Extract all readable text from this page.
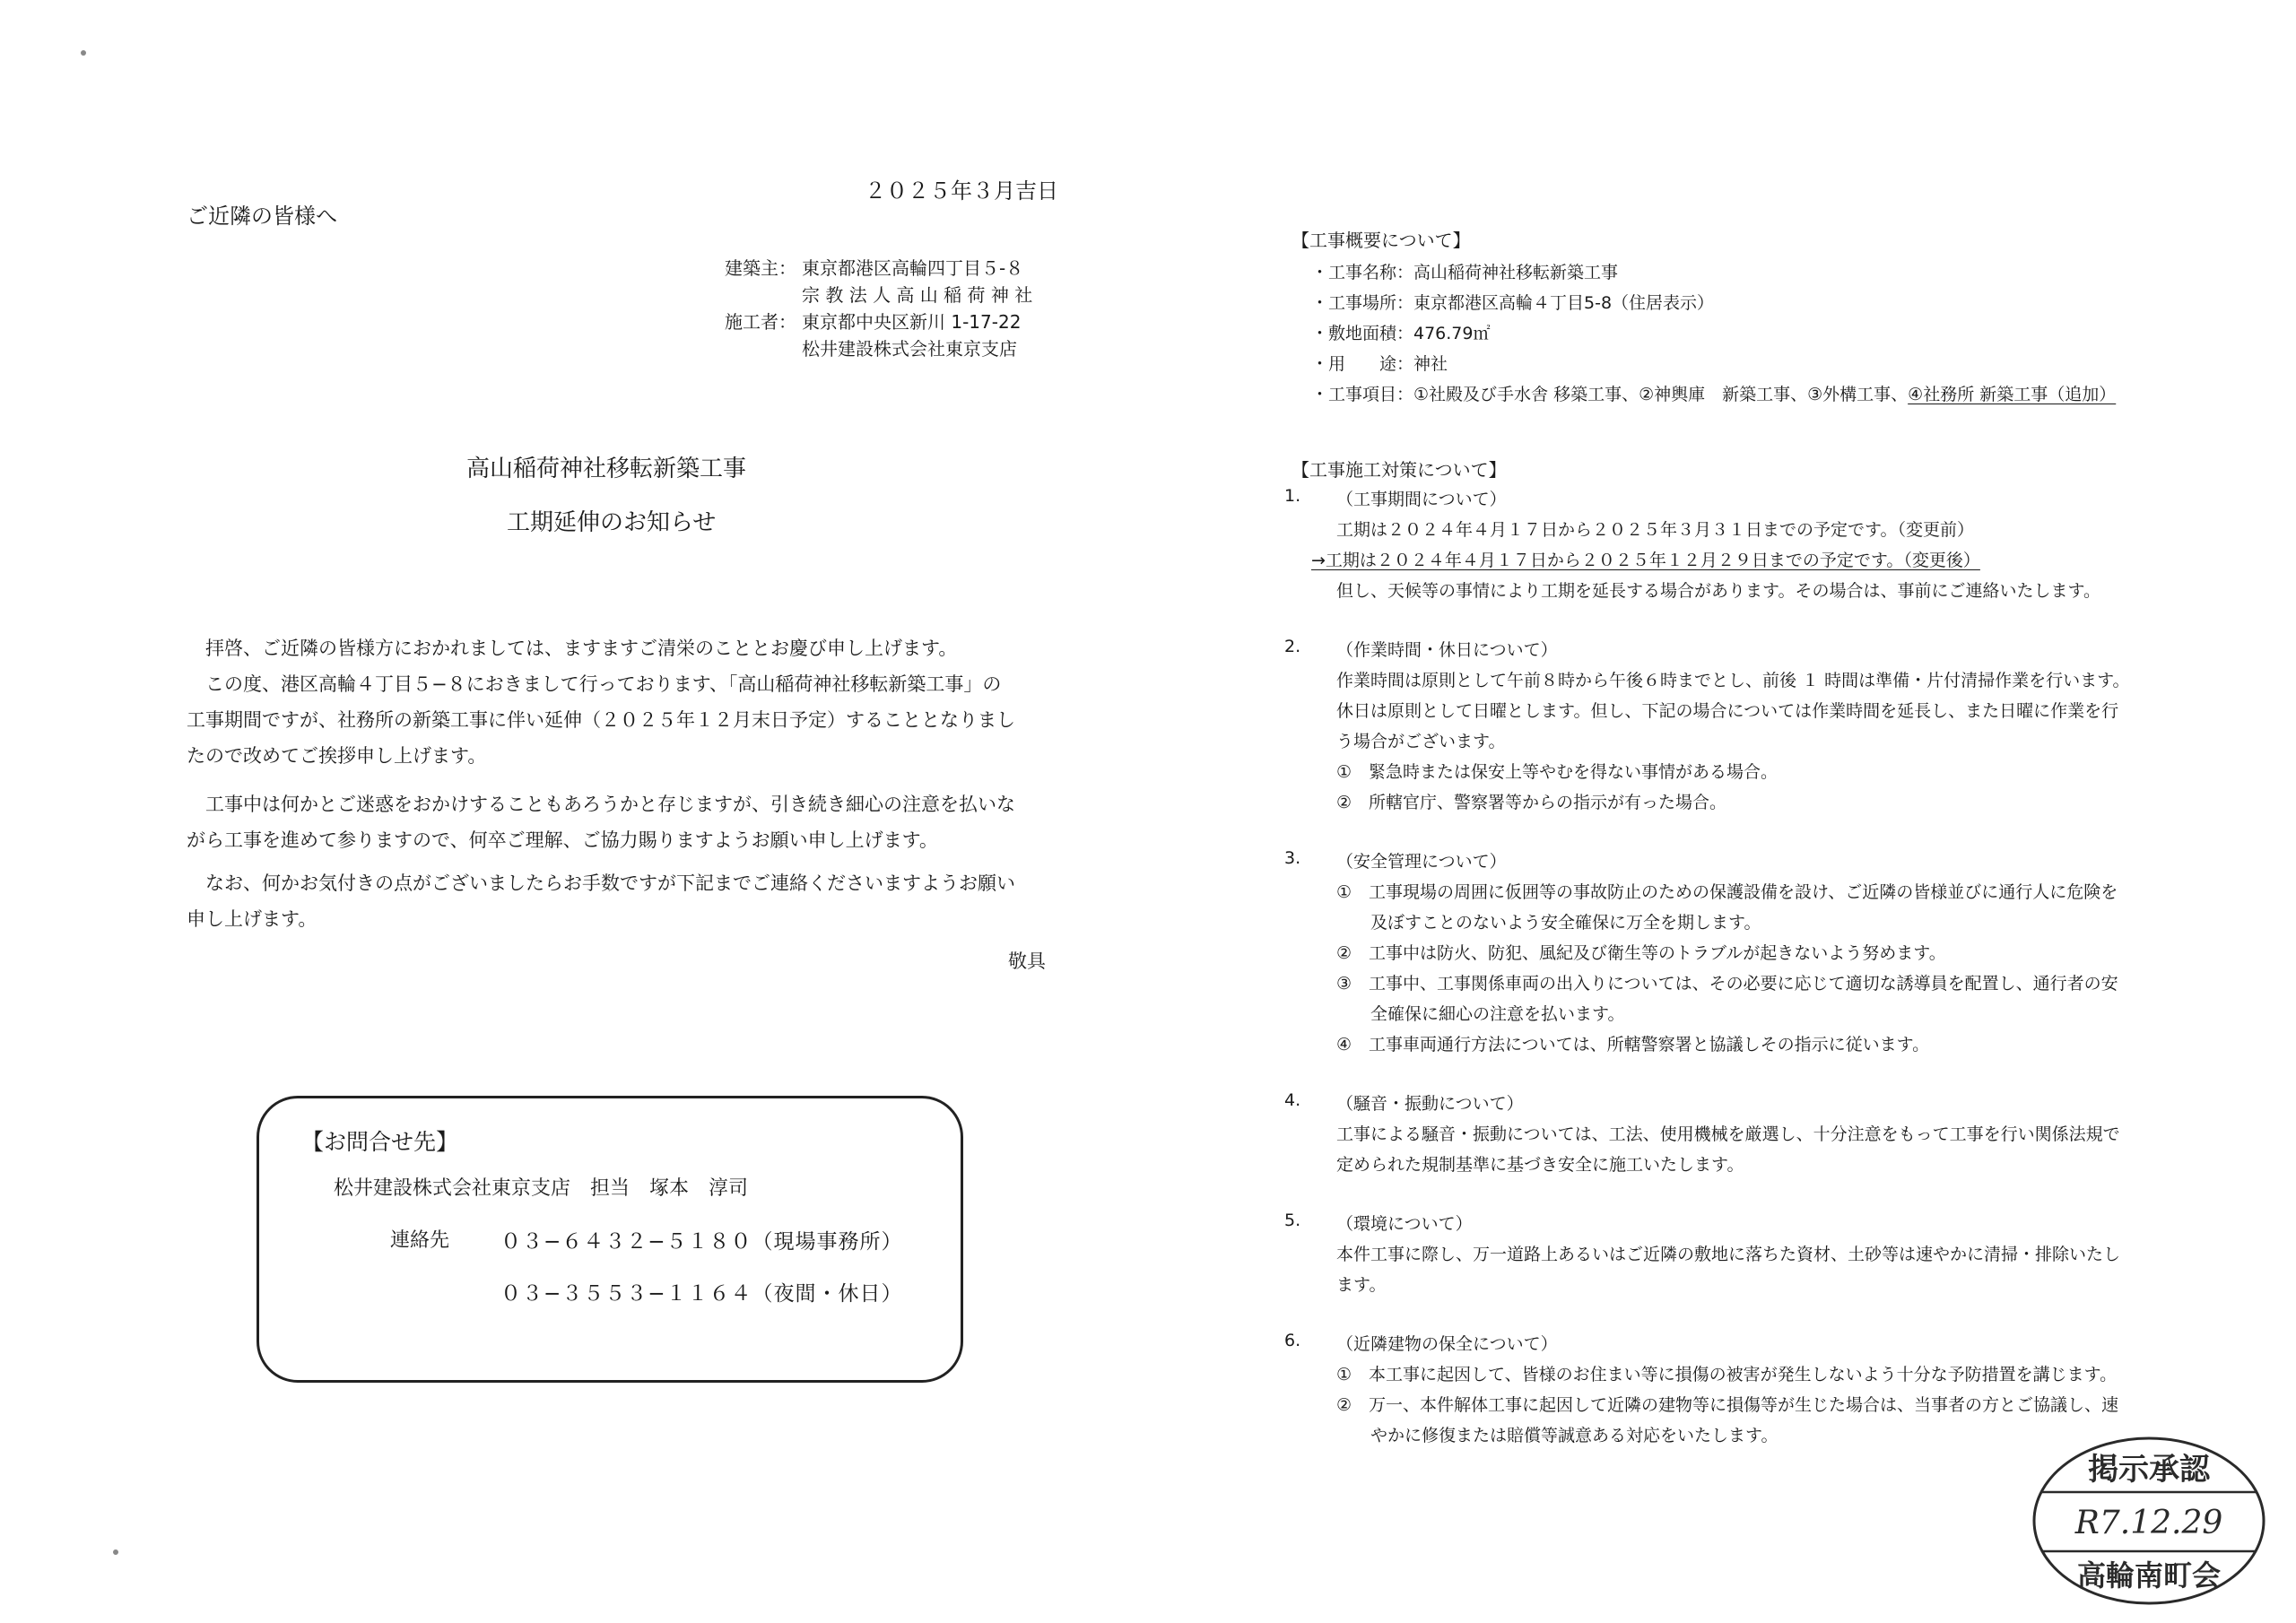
２０２５年３月吉日
ご近隣の皆様へ
建築主： 東京都港区高輪四丁目５-８
宗 教 法 人 高 山 稲 荷 神 社
施工者： 東京都中央区新川 1-17-22
松井建設株式会社東京支店
高山稲荷神社移転新築工事
工期延伸のお知らせ
　拝啓、ご近隣の皆様方におかれましては、ますますご清栄のこととお慶び申し上げます。
　この度、港区高輪４丁目５−８におきまして行っております、「高山稲荷神社移転新築工事」の
工事期間ですが、社務所の新築工事に伴い延伸（２０２５年１２月末日予定）することとなりまし
たので改めてご挨拶申し上げます。
　工事中は何かとご迷惑をおかけすることもあろうかと存じますが、引き続き細心の注意を払いな
がら工事を進めて参りますので、何卒ご理解、ご協力賜りますようお願い申し上げます。
　なお、何かお気付きの点がございましたらお手数ですが下記までご連絡くださいますようお願い
申し上げます。
敬具
【お問合せ先】
松井建設株式会社東京支店　担当　塚本　淳司
連絡先 ０３−６４３２−５１８０（現場事務所）
０３−３５５３−１１６４（夜間・休日）
【工事概要について】
・工事名称：高山稲荷神社移転新築工事
・工事場所：東京都港区高輪４丁目5-8（住居表示）
・敷地面積：476.79㎡
・用　　途：神社
・工事項目：①社殿及び手水舎 移築工事、②神輿庫　新築工事、③外構工事、④社務所 新築工事（追加）
【工事施工対策について】
1. （工事期間について）
工期は２０２４年４月１７日から２０２５年３月３１日までの予定です。（変更前）
→工期は２０２４年４月１７日から２０２５年１２月２９日までの予定です。（変更後）
但し、天候等の事情により工期を延長する場合があります。その場合は、事前にご連絡いたします。
2. （作業時間・休日について）
作業時間は原則として午前８時から午後６時までとし、前後 １ 時間は準備・片付清掃作業を行います。
休日は原則として日曜とします。但し、下記の場合については作業時間を延長し、また日曜に作業を行
う場合がございます。
①　緊急時または保安上等やむを得ない事情がある場合。
②　所轄官庁、警察署等からの指示が有った場合。
3. （安全管理について）
①　工事現場の周囲に仮囲等の事故防止のための保護設備を設け、ご近隣の皆様並びに通行人に危険を
　　及ぼすことのないよう安全確保に万全を期します。
②　工事中は防火、防犯、風紀及び衛生等のトラブルが起きないよう努めます。
③　工事中、工事関係車両の出入りについては、その必要に応じて適切な誘導員を配置し、通行者の安
　　全確保に細心の注意を払います。
④　工事車両通行方法については、所轄警察署と協議しその指示に従います。
4. （騒音・振動について）
工事による騒音・振動については、工法、使用機械を厳選し、十分注意をもって工事を行い関係法規で
定められた規制基準に基づき安全に施工いたします。
5. （環境について）
本件工事に際し、万一道路上あるいはご近隣の敷地に落ちた資材、土砂等は速やかに清掃・排除いたし
ます。
6. （近隣建物の保全について）
①　本工事に起因して、皆様のお住まい等に損傷の被害が発生しないよう十分な予防措置を講じます。
②　万一、本件解体工事に起因して近隣の建物等に損傷等が生じた場合は、当事者の方とご協議し、速
　　やかに修復または賠償等誠意ある対応をいたします。
掲示承認
R7.12.29
高輪南町会
